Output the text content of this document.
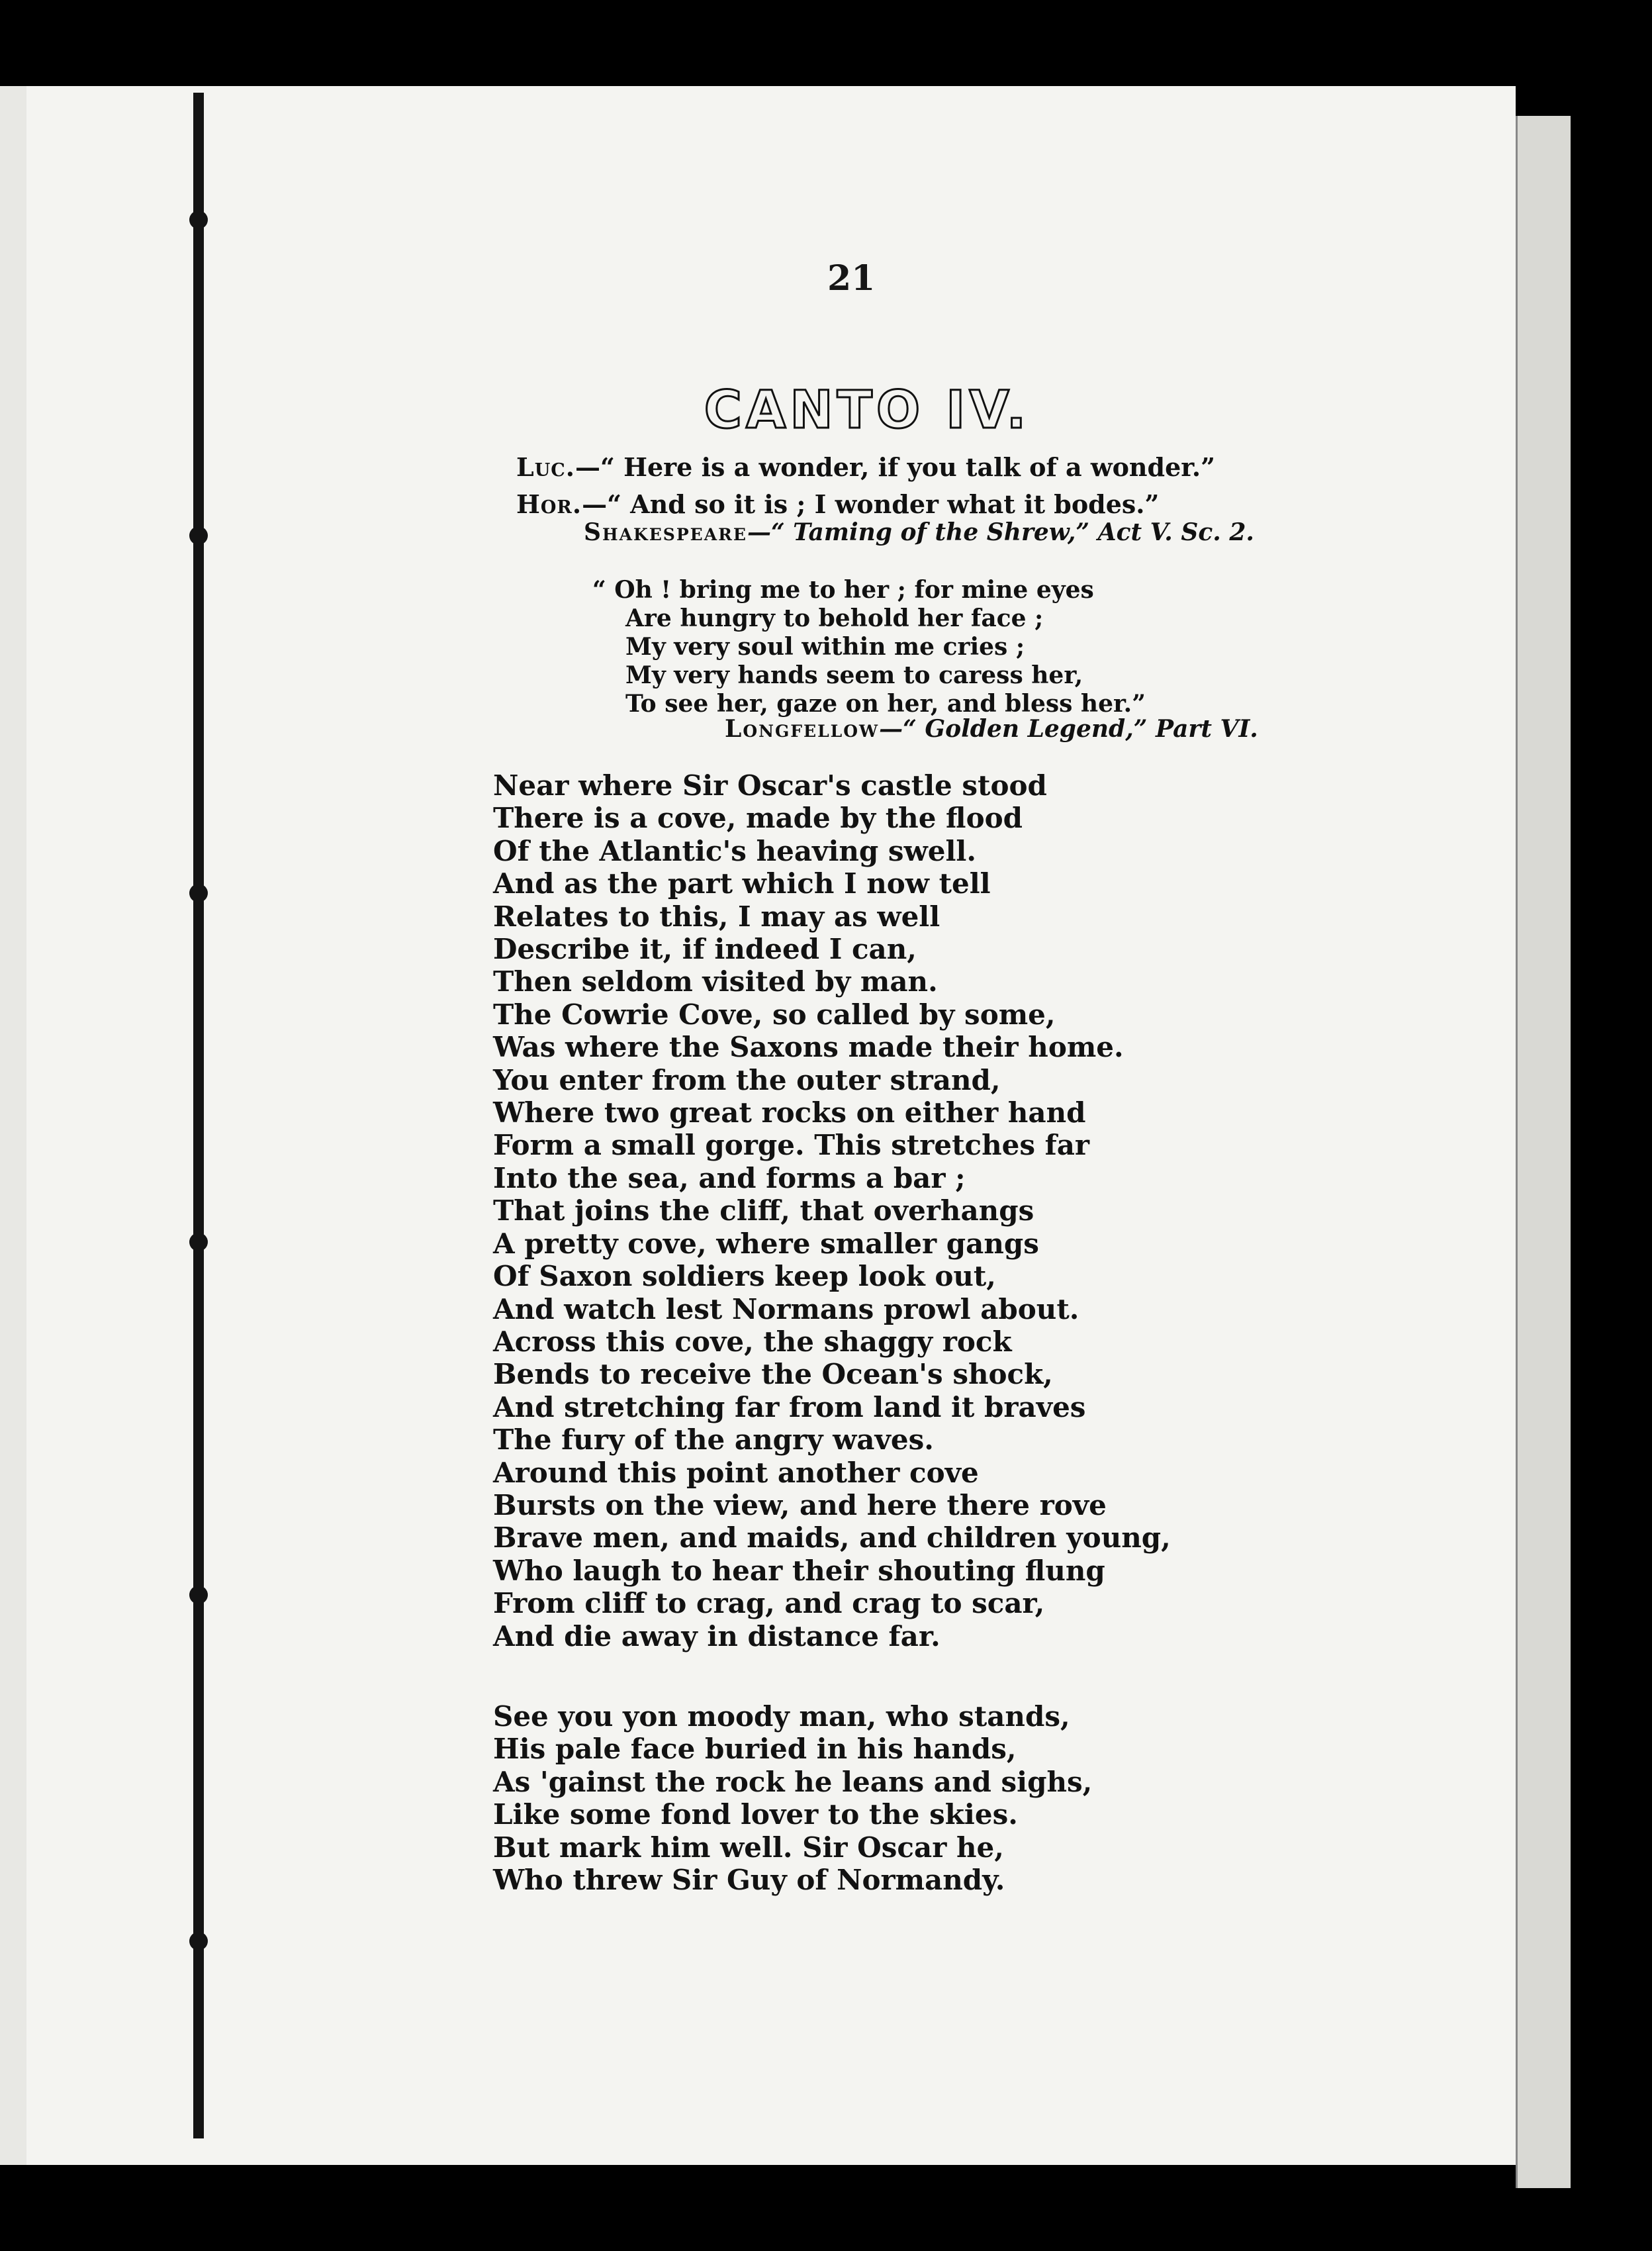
21
CANTO IV.
Luc.—“ Here is a wonder, if you talk of a wonder.”
Hor.—“ And so it is ; I wonder what it bodes.”
Shakespeare—“ Taming of the Shrew,” Act V. Sc. 2.
“ Oh ! bring me to her ; for mine eyes
Are hungry to behold her face ;
My very soul within me cries ;
My very hands seem to caress her,
To see her, gaze on her, and bless her.”
Longfellow—“ Golden Legend,” Part VI.
Near where Sir Oscar's castle stood
There is a cove, made by the flood
Of the Atlantic's heaving swell.
And as the part which I now tell
Relates to this, I may as well
Describe it, if indeed I can,
Then seldom visited by man.
The Cowrie Cove, so called by some,
Was where the Saxons made their home.
You enter from the outer strand,
Where two great rocks on either hand
Form a small gorge. This stretches far
Into the sea, and forms a bar ;
That joins the cliff, that overhangs
A pretty cove, where smaller gangs
Of Saxon soldiers keep look out,
And watch lest Normans prowl about.
Across this cove, the shaggy rock
Bends to receive the Ocean's shock,
And stretching far from land it braves
The fury of the angry waves.
Around this point another cove
Bursts on the view, and here there rove
Brave men, and maids, and children young,
Who laugh to hear their shouting flung
From cliff to crag, and crag to scar,
And die away in distance far.
See you yon moody man, who stands,
His pale face buried in his hands,
As 'gainst the rock he leans and sighs,
Like some fond lover to the skies.
But mark him well. Sir Oscar he,
Who threw Sir Guy of Normandy.
